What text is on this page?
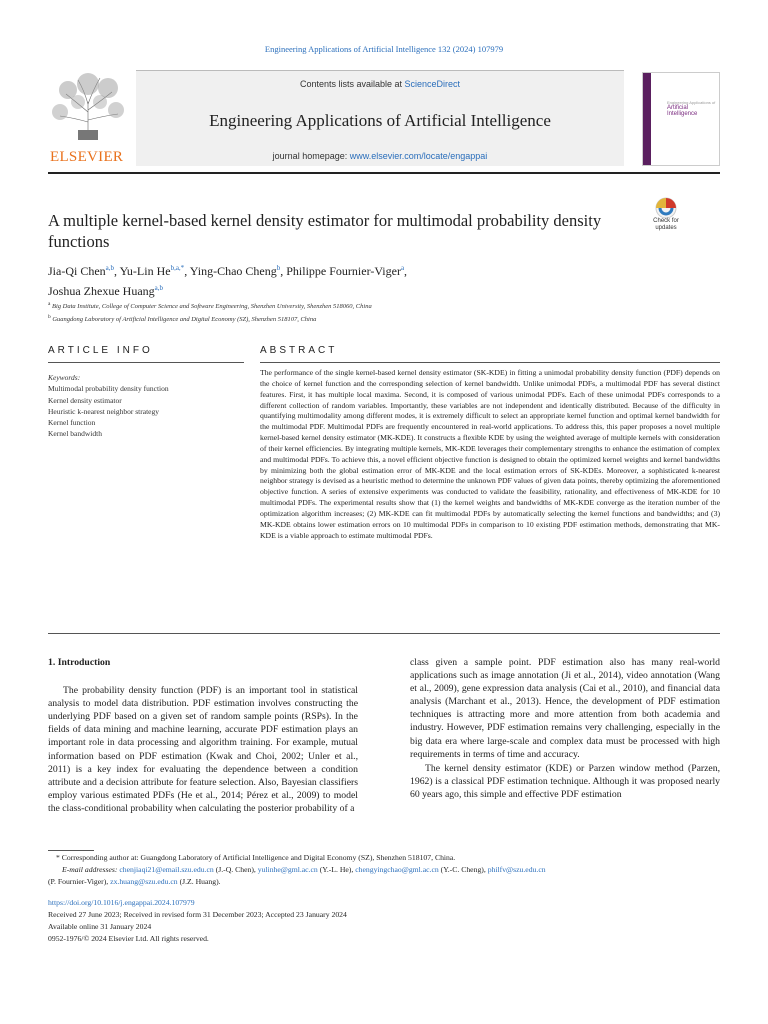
Engineering Applications of Artificial Intelligence 132 (2024) 107979
ELSEVIER
Contents lists available at ScienceDirect
Engineering Applications of Artificial Intelligence
journal homepage: www.elsevier.com/locate/engappai
Engineering Applications of
Artificial
Intelligence
A multiple kernel-based kernel density estimator for multimodal probability density functions
Check for updates
Jia-Qi Chen$^{a,b}$, Yu-Lin $He^{b,a,*}$, Ying-Chao Cheng$^b$, Philippe Fournier-Viger$^a$,
Joshua Zhexue Huang$^{a,b}$
$^a$ Big Data Institute, College of Computer Science and Software Engineering, Shenzhen University, Shenzhen 518060, China
$^b$ Guangdong Laboratory of Artificial Intelligence and Digital Economy (SZ), Shenzhen 518107, China
ARTICLE INFO	ABSTRACT
Keywords:
Multimodal probability density function
Kernel density estimator
Heuristic k-nearest neighbor strategy
Kernel function
Kernel bandwidth
The performance of the single kernel-based kernel density estimator (SK-KDE) in fitting a unimodal probability density function (PDF) depends on the choice of kernel function and the corresponding selection of kernel bandwidth. Unlike unimodal PDFs, a multimodal PDF has several distinct features. First, it has multiple local maxima. Second, it is composed of various unimodal PDFs. Each of these unimodal PDFs corresponds to a different collection of random variables. Importantly, these variables are not independent and identically distributed. Because of the difficulty in quantifying multimodality among different modes, it is extremely difficult to select an appropriate kernel function and optimal kernel bandwidth for the multimodal PDF. Multimodal PDFs are frequently encountered in real-world applications. To address this, this paper proposes a novel multiple kernel-based kernel density estimator (MK-KDE). It constructs a flexible KDE by using the weighted average of multiple kernels with consideration of their kernel efficiencies. By integrating multiple kernels, MK-KDE leverages their complementary strengths to enhance the estimation of complex and multimodal PDFs. To achieve this, a novel efficient objective function is designed to obtain the optimized kernel weights and kernel bandwidths by minimizing both the global estimation error of MK-KDE and the local estimation errors of SK-KDEs. Moreover, a sophisticated k-nearest neighbor strategy is devised as a heuristic method to determine the unknown PDF values of given data points, thereby optimizing the aforementioned objective function. A series of extensive experiments was conducted to validate the feasibility, rationality, and effectiveness of MK-KDE for 10 multimodal PDFs. The experimental results show that (1) the kernel weights and bandwidths of MK-KDE converge as the iteration number of the optimization algorithm increases; (2) MK-KDE can fit multimodal PDFs by automatically selecting the kernel functions and bandwidths; and (3) MK-KDE obtains lower estimation errors on 10 multimodal PDFs in comparison to 10 existing PDF estimation methods, demonstrating that MK-KDE is a viable approach to estimate multimodal PDFs.
1. Introduction

The probability density function (PDF) is an important tool in statistical analysis to model data distribution. PDF estimation involves constructing the underlying PDF based on a given set of random sample points (RSPs). In the fields of data mining and machine learning, accurate PDF estimation plays an important role in data processing and algorithm training. For example, mutual information based on PDF estimation (Kwak and Choi, 2002; Unler et al., 2011) is a key index for evaluating the dependence between a condition attribute and a decision attribute for feature selection. Also, Bayesian classifiers employ various estimated PDFs (He et al., 2014; Pérez et al., 2009) to model the class-conditional probability when calculating the posterior probability of a

class given a sample point. PDF estimation also has many real-world applications such as image annotation (Ji et al., 2014), video annotation (Wang et al., 2009), gene expression data analysis (Cai et al., 2010), and financial data analysis (Marchant et al., 2013). Hence, the development of PDF estimation techniques is attracting more and more attention from both academia and industry. However, PDF estimation remains very challenging, especially in the big data era where large-scale and complex data must be processed with high requirements in terms of time and accuracy.

The kernel density estimator (KDE) or Parzen window method (Parzen, 1962) is a classical PDF estimation technique. Although it was proposed nearly 60 years ago, this simple and effective PDF estimation

* Corresponding author at: Guangdong Laboratory of Artificial Intelligence and Digital Economy (SZ), Shenzhen 518107, China.
E-mail addresses: chenjiaqi21@email.szu.edu.cn (J.-Q. Chen), yulinhe@gml.ac.cn (Y.-L. He), chengyingchao@gml.ac.cn (Y.-C. Cheng), philfv@szu.edu.cn
(P. Fournier-Viger), zx.huang@szu.edu.cn (J.Z. Huang).
https://doi.org/10.1016/j.engappai.2024.107979
Received 27 June 2023; Received in revised form 31 December 2023; Accepted 23 January 2024
Available online 31 January 2024
0952-1976/© 2024 Elsevier Ltd. All rights reserved.
